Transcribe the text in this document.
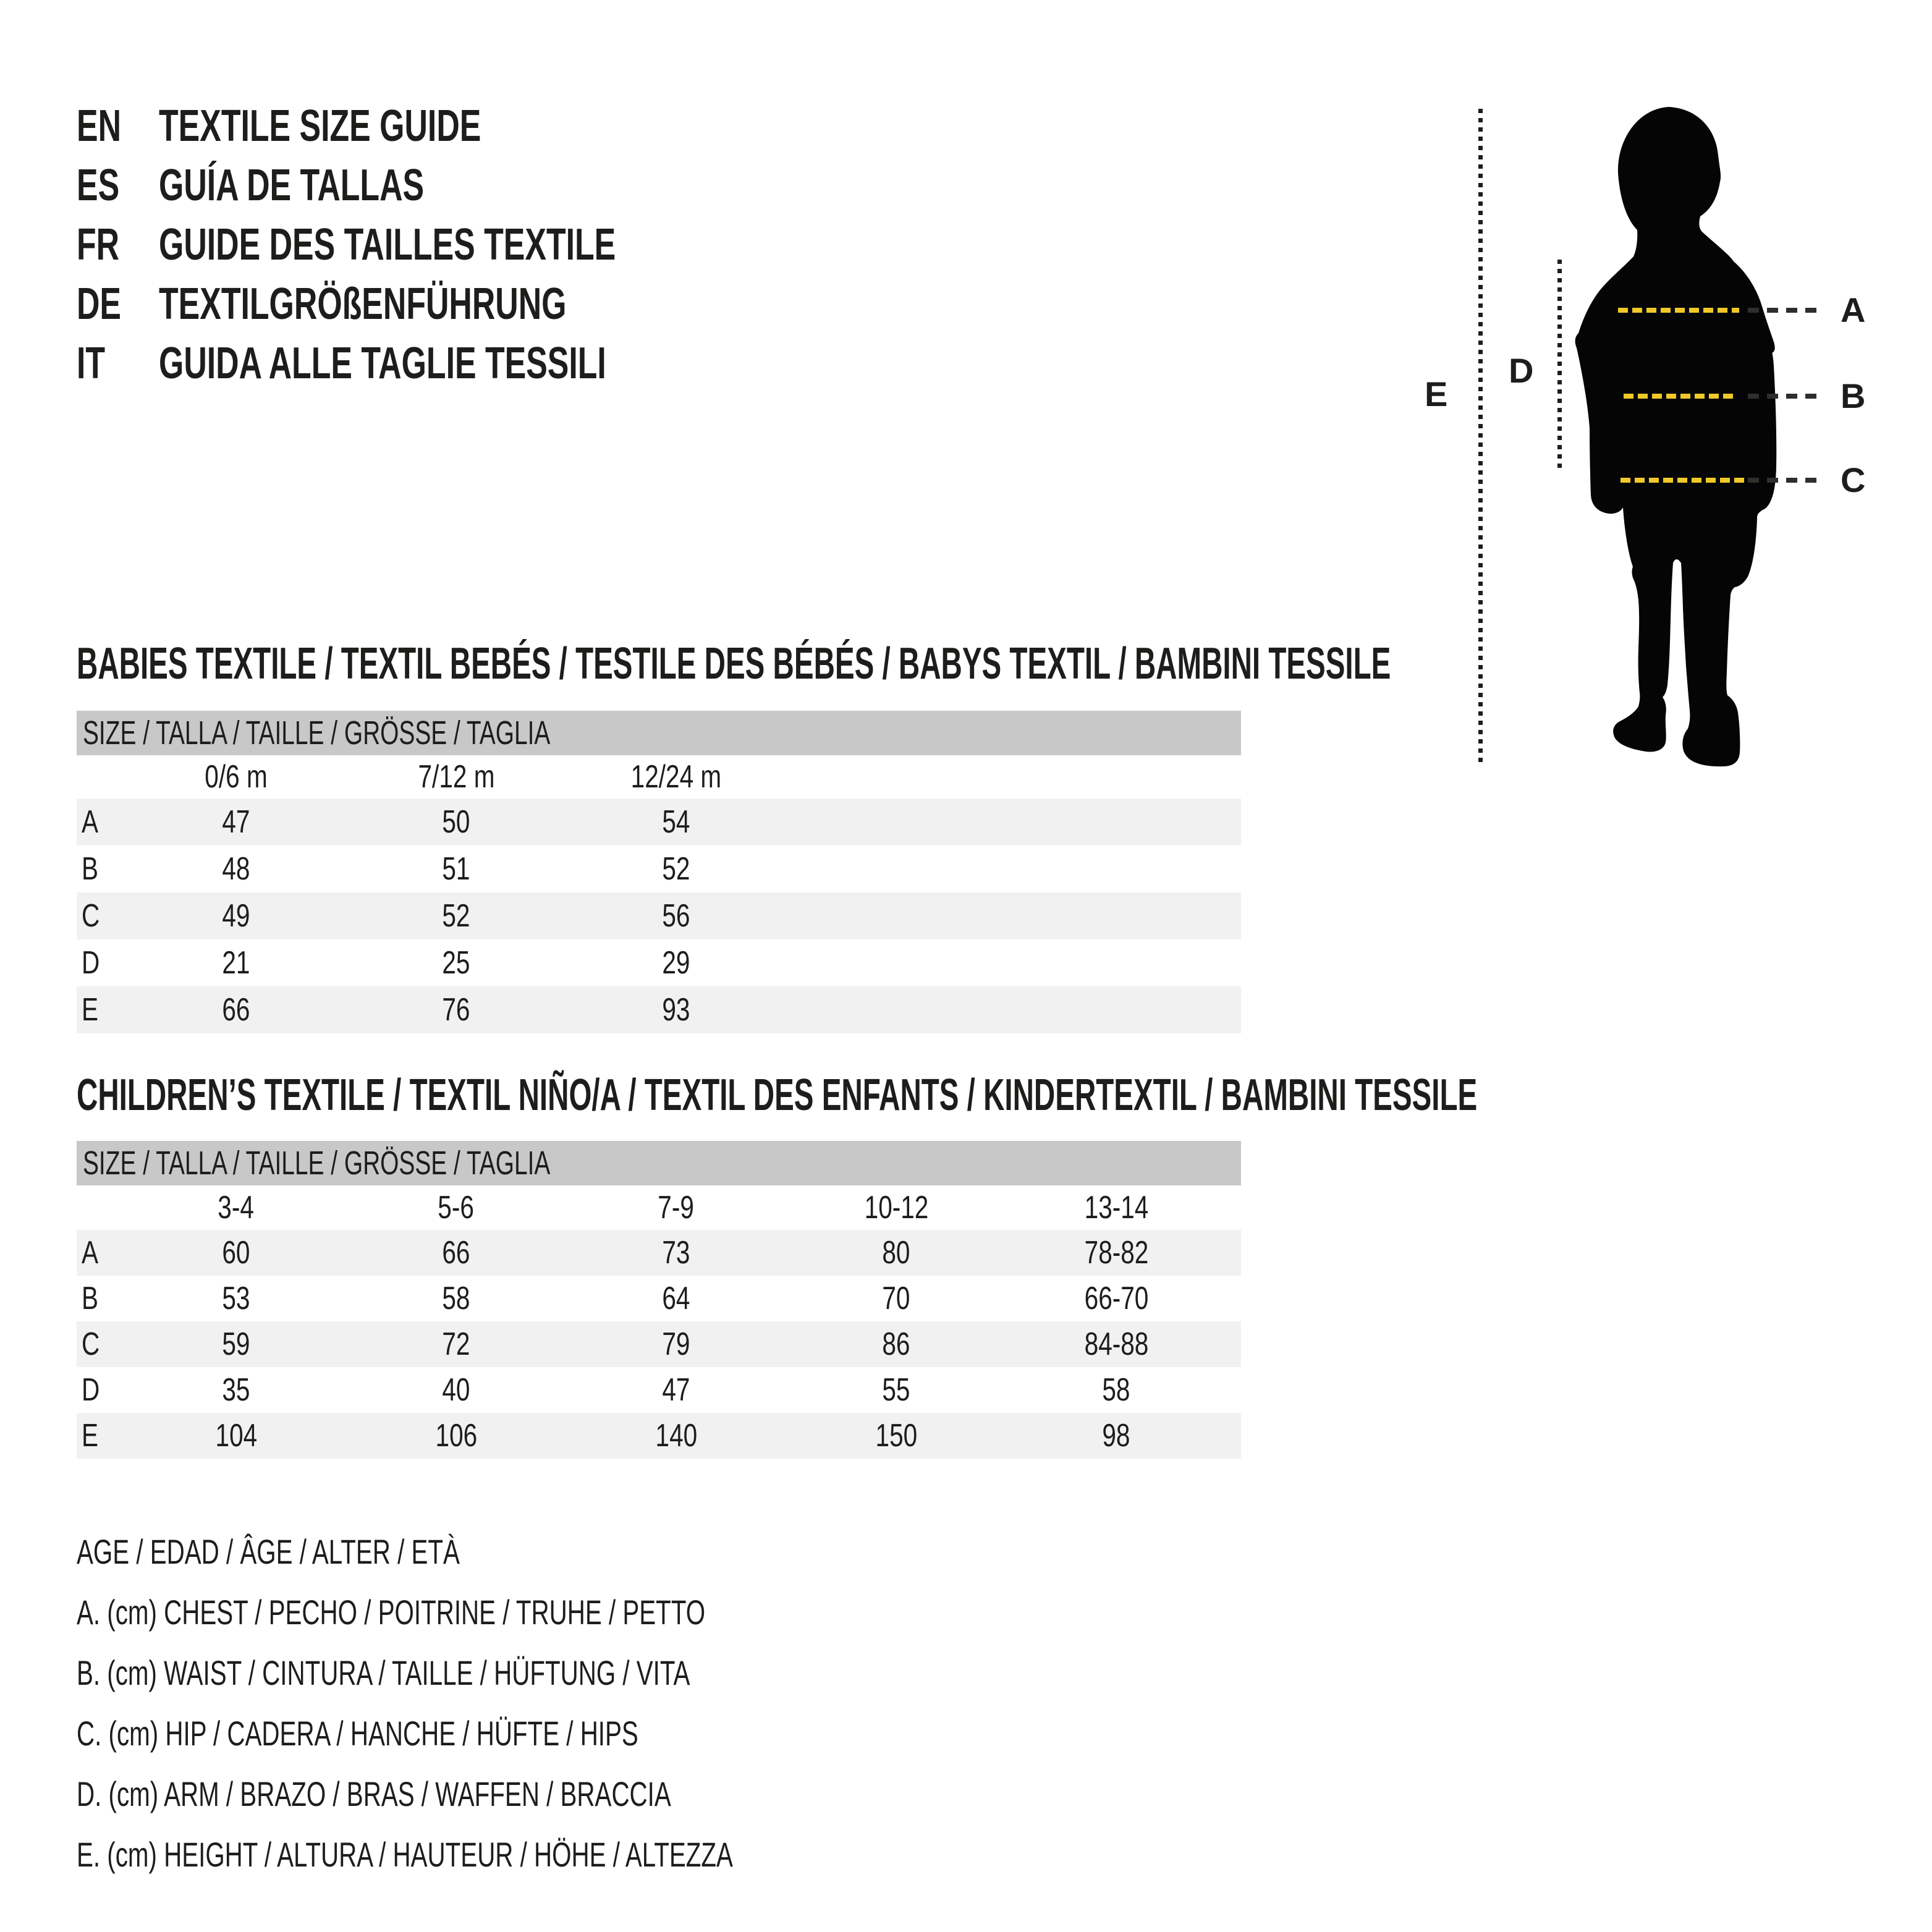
EN TEXTILE SIZE GUIDE
ES GUÍA DE TALLAS
FR GUIDE DES TAILLES TEXTILE
DE TEXTILGRÖßENFÜHRUNG
IT	GUIDA ALLE TAGLIE TESSILI
E
D
A
B
C
BABIES TEXTILE / TEXTIL BEBÉS / TESTILE DES BÉBÉS / BABYS TEXTIL / BAMBINI TESSILE
SIZE / TALLA / TAILLE / GRÖSSE / TAGLIA
0/6 m	7/12 m	12/24 m
A	47	50	54
B	48	51	52
C	49	52	56
D	21	25	29
E	66	76	93
CHILDREN’S TEXTILE / TEXTIL NIÑO/A / TEXTIL DES ENFANTS / KINDERTEXTIL / BAMBINI TESSILE
SIZE / TALLA / TAILLE / GRÖSSE / TAGLIA
3-4	5-6	7-9	10-12	13-14
A	60	66	73	80	78-82
B	53	58	64	70	66-70
C	59	72	79	86	84-88
D	35	40	47	55	58
E	104	106	140	150	98
AGE / EDAD / ÂGE / ALTER / ETÀ
A. (cm) CHEST / PECHO / POITRINE / TRUHE / PETTO
B. (cm) WAIST / CINTURA / TAILLE / HÜFTUNG / VITA
C. (cm) HIP / CADERA / HANCHE / HÜFTE / HIPS
D. (cm) ARM / BRAZO / BRAS / WAFFEN / BRACCIA
E. (cm) HEIGHT / ALTURA / HAUTEUR / HÖHE / ALTEZZA
